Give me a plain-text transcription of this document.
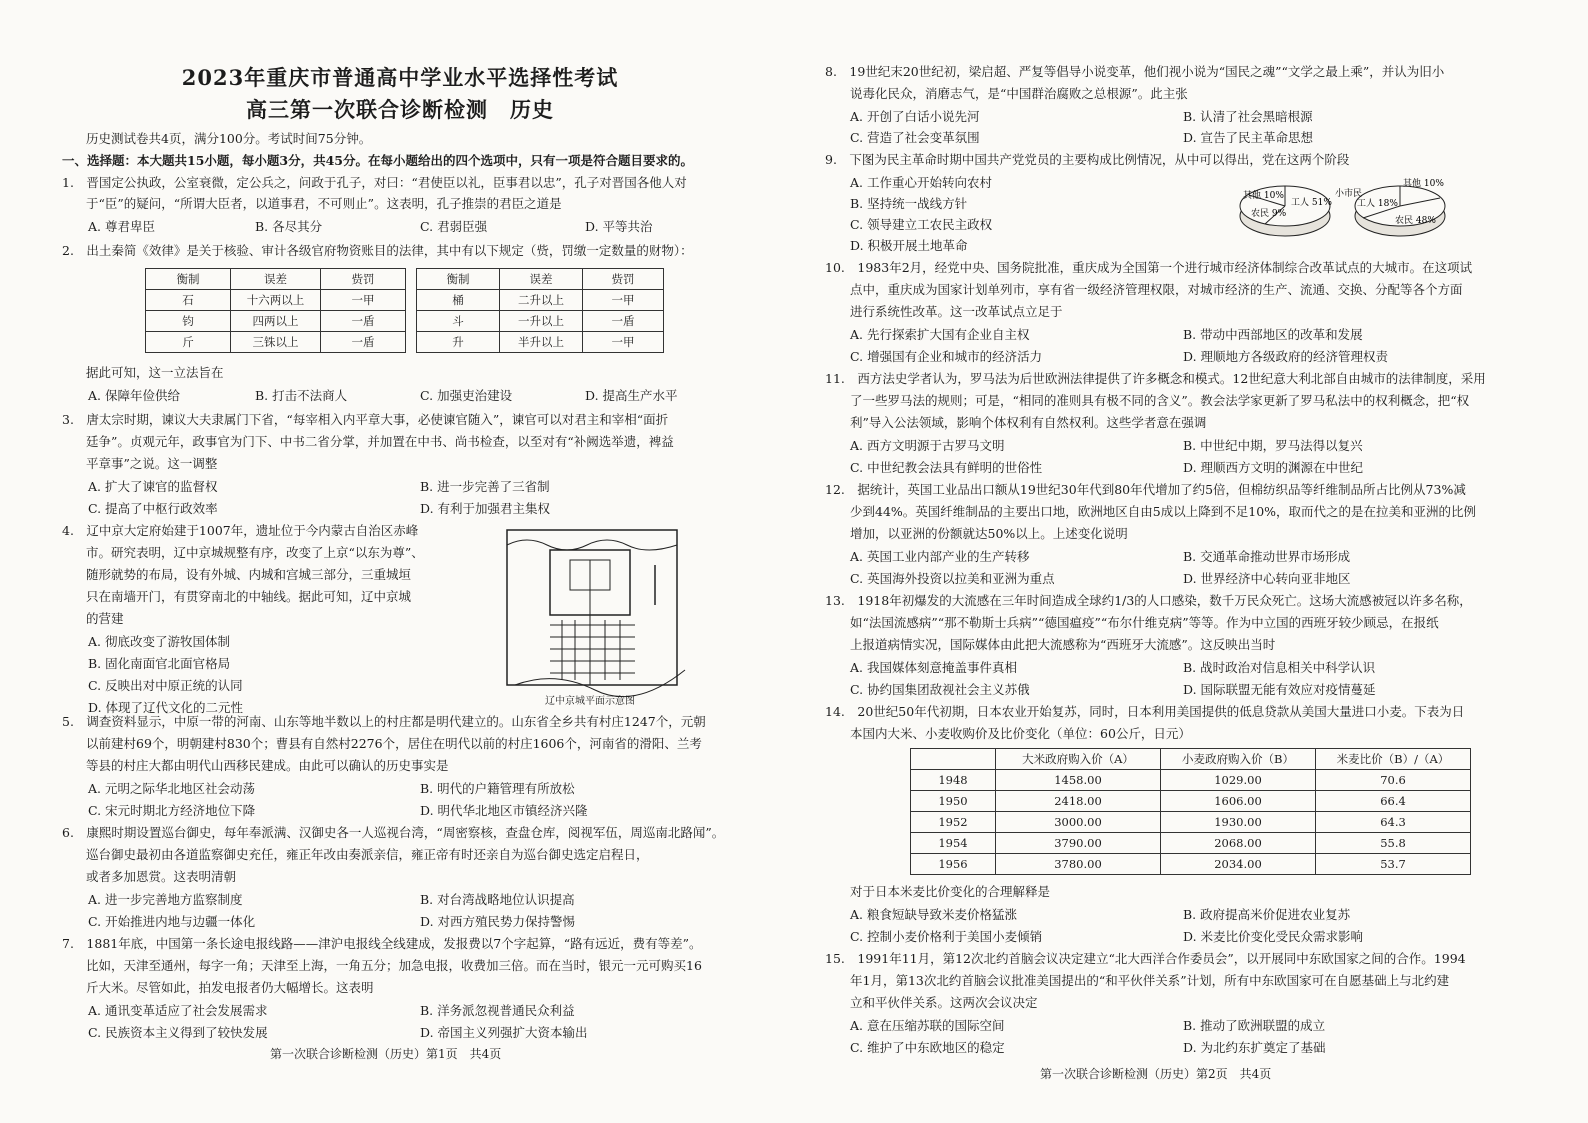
2023年重庆市普通高中学业水平选择性考试
高三第一次联合诊断检测　历史
历史测试卷共4页，满分100分。考试时间75分钟。
一、选择题：本大题共15小题，每小题3分，共45分。在每小题给出的四个选项中，只有一项是符合题目要求的。
1.　晋国定公执政，公室衰微，定公兵之，问政于孔子，对曰：“君使臣以礼，臣事君以忠”，孔子对晋国各他人对
于“臣”的疑问，“所谓大臣者，以道事君，不可则止”。这表明，孔子推崇的君臣之道是
A. 尊君卑臣	B. 各尽其分	C. 君弱臣强	D. 平等共治
2.　出土秦简《效律》是关于核验、审计各级官府物资账目的法律，其中有以下规定（赀，罚缴一定数量的财物）：
衡制	误差	赀罚		衡制	误差	赀罚
石	十六两以上	一甲		桶	二升以上	一甲
钧	四两以上	一盾		斗	一升以上	一盾
斤	三铢以上	一盾		升	半升以上	一甲
据此可知，这一立法旨在
A. 保障年俭供给	B. 打击不法商人	C. 加强吏治建设	D. 提高生产水平
3.　唐太宗时期，谏议大夫隶属门下省，“每宰相入内平章大事，必使谏官随入”，谏官可以对君主和宰相“面折
廷争”。贞观元年，政事官为门下、中书二省分掌，并加置在中书、尚书检查，以至对有“补阙选举遗，裨益
平章事”之说。这一调整
A. 扩大了谏官的监督权	B. 进一步完善了三省制
C. 提高了中枢行政效率	D. 有利于加强君主集权
4.　辽中京大定府始建于1007年，遗址位于今内蒙古自治区赤峰
市。研究表明，辽中京城规整有序，改变了上京“以东为尊”、
随形就势的布局，设有外城、内城和宫城三部分，三重城垣
只在南墙开门，有贯穿南北的中轴线。据此可知，辽中京城
的营建
A. 彻底改变了游牧国体制
B. 固化南面官北面官格局
C. 反映出对中原正统的认同
D. 体现了辽代文化的二元性	辽中京城平面示意图
5.　调查资料显示，中原一带的河南、山东等地半数以上的村庄都是明代建立的。山东省全乡共有村庄1247个，元朝
以前建村69个，明朝建村830个；曹县有自然村2276个，居住在明代以前的村庄1606个，河南省的滑阳、兰考
等县的村庄大都由明代山西移民建成。由此可以确认的历史事实是
A. 元明之际华北地区社会动荡	B. 明代的户籍管理有所放松
C. 宋元时期北方经济地位下降	D. 明代华北地区市镇经济兴隆
6.　康熙时期设置巡台御史，每年奉派满、汉御史各一人巡视台湾，“周密察核，查盘仓库，阅视军伍，周巡南北路闻”。
巡台御史最初由各道监察御史充任，雍正年改由奏派亲信，雍正帝有时还亲自为巡台御史选定启程日，
或者多加恩赏。这表明清朝
A. 进一步完善地方监察制度	B. 对台湾战略地位认识提高
C. 开始推进内地与边疆一体化	D. 对西方殖民势力保持警惕
7.　1881年底，中国第一条长途电报线路——津沪电报线全线建成，发报费以7个字起算，“路有远近，费有等差”。
比如，天津至通州，每字一角；天津至上海，一角五分；加急电报，收费加三倍。而在当时，银元一元可购买16
斤大米。尽管如此，拍发电报者仍大幅增长。这表明
A. 通讯变革适应了社会发展需求	B. 洋务派忽视普通民众利益
C. 民族资本主义得到了较快发展	D. 帝国主义列强扩大资本输出
第一次联合诊断检测（历史）第1页　共4页
8.　19世纪末20世纪初，梁启超、严复等倡导小说变革，他们视小说为“国民之魂”“文学之最上乘”，并认为旧小
说毒化民众，消磨志气，是“中国群治腐败之总根源”。此主张
A. 开创了白话小说先河	B. 认清了社会黑暗根源
C. 营造了社会变革氛围	D. 宣告了民主革命思想
9.　下图为民主革命时期中国共产党党员的主要构成比例情况，从中可以得出，党在这两个阶段
A. 工作重心开始转向农村
B. 坚持统一战线方针
C. 领导建立工农民主政权
D. 积极开展土地革命
其他 10%
工人 51%
农民 9%
小市民
工人 18%
农民 48%
其他 10%
10.　1983年2月，经党中央、国务院批准，重庆成为全国第一个进行城市经济体制综合改革试点的大城市。在这项试
点中，重庆成为国家计划单列市，享有省一级经济管理权限，对城市经济的生产、流通、交换、分配等各个方面
进行系统性改革。这一改革试点立足于
A. 先行探索扩大国有企业自主权	B. 带动中西部地区的改革和发展
C. 增强国有企业和城市的经济活力	D. 理顺地方各级政府的经济管理权责
11.　西方法史学者认为，罗马法为后世欧洲法律提供了许多概念和模式。12世纪意大利北部自由城市的法律制度，采用
了一些罗马法的规则；可是，“相同的准则具有极不同的含义”。教会法学家更新了罗马私法中的权利概念，把“权
利”导入公法领域，影响个体权利有自然权利。这些学者意在强调
A. 西方文明源于古罗马文明	B. 中世纪中期，罗马法得以复兴
C. 中世纪教会法具有鲜明的世俗性	D. 理顺西方文明的渊源在中世纪
12.　据统计，英国工业品出口额从19世纪30年代到80年代增加了约5倍，但棉纺织品等纤维制品所占比例从73%减
少到44%。英国纤维制品的主要出口地，欧洲地区自由5成以上降到不足10%，取而代之的是在拉美和亚洲的比例
增加，以亚洲的份额就达50%以上。上述变化说明
A. 英国工业内部产业的生产转移	B. 交通革命推动世界市场形成
C. 英国海外投资以拉美和亚洲为重点	D. 世界经济中心转向亚非地区
13.　1918年初爆发的大流感在三年时间造成全球约1/3的人口感染，数千万民众死亡。这场大流感被冠以许多名称，
如“法国流感病”“那不勒斯士兵病”“德国瘟疫”“布尔什维克病”等等。作为中立国的西班牙较少顾忌，在报纸
上报道病情实况，国际媒体由此把大流感称为“西班牙大流感”。这反映出当时
A. 我国媒体刻意掩盖事件真相	B. 战时政治对信息相关中科学认识
C. 协约国集团敌视社会主义苏俄	D. 国际联盟无能有效应对疫情蔓延
14.　20世纪50年代初期，日本农业开始复苏，同时，日本利用美国提供的低息贷款从美国大量进口小麦。下表为日
本国内大米、小麦收购价及比价变化（单位：60公斤，日元）
	大米政府购入价（A）	小麦政府购入价（B）	米麦比价（B）/（A）
1948	1458.00	1029.00	70.6
1950	2418.00	1606.00	66.4
1952	3000.00	1930.00	64.3
1954	3790.00	2068.00	55.8
1956	3780.00	2034.00	53.7
对于日本米麦比价变化的合理解释是
A. 粮食短缺导致米麦价格猛涨	B. 政府提高米价促进农业复苏
C. 控制小麦价格利于美国小麦倾销	D. 米麦比价变化受民众需求影响
15.　1991年11月，第12次北约首脑会议决定建立“北大西洋合作委员会”，以开展同中东欧国家之间的合作。1994
年1月，第13次北约首脑会议批准美国提出的“和平伙伴关系”计划，所有中东欧国家可在自愿基础上与北约建
立和平伙伴关系。这两次会议决定
A. 意在压缩苏联的国际空间	B. 推动了欧洲联盟的成立
C. 维护了中东欧地区的稳定	D. 为北约东扩奠定了基础
第一次联合诊断检测（历史）第2页　共4页
